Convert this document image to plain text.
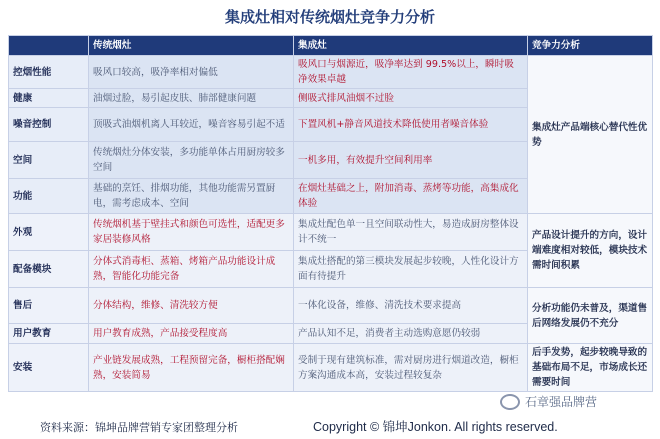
集成灶相对传统烟灶竞争力分析
	传统烟灶	集成灶	竞争力分析
控烟性能	吸风口较高，吸净率相对偏低	吸风口与烟源近，吸净率达到 99.5%以上，瞬时吸净效果卓越	集成灶产品端核心替代性优势
健康	油烟过脸，易引起皮肤、肺部健康问题	侧吸式排风油烟不过脸	
噪音控制	顶吸式油烟机离人耳较近，噪音容易引起不适	下置风机+静音风道技术降低使用者噪音体验	
空间	传统烟灶分体安装，多功能单体占用厨房较多空间	一机多用，有效提升空间利用率	
功能	基础的烹饪、排烟功能，其他功能需另置厨电，需考虑成本、空间	在烟灶基础之上，附加消毒、蒸烤等功能，高集成化体验	
外观	传统烟机基于壁挂式和颜色可选性，适配更多家居装修风格	集成灶配色单一且空间联动性大，易造成厨房整体设计不统一	产品设计提升的方向，设计端难度相对较低，模块技术需时间积累
配备模块	分体式消毒柜、蒸箱、烤箱产品功能设计成熟，智能化功能完备	集成灶搭配的第三模块发展起步较晚，人性化设计方面有待提升	
售后	分体结构，维修、清洗较方便	一体化设备，维修、清洗技术要求提高	分析功能仍未普及，渠道售后网络发展仍不充分
用户教育	用户教育成熟，产品接受程度高	产品认知不足，消费者主动选购意愿仍较弱	
安装	产业链发展成熟，工程预留完备，橱柜搭配娴熟，安装简易	受制于现有建筑标准，需对厨房进行烟道改造，橱柜方案沟通成本高，安装过程较复杂	后手发势，起步较晚导致的基础布局不足，市场成长还需要时间
石章强品牌营
资料来源：锦坤品牌营销专家团整理分析	Copyright © 锦坤Jonkon. All rights reserved.
